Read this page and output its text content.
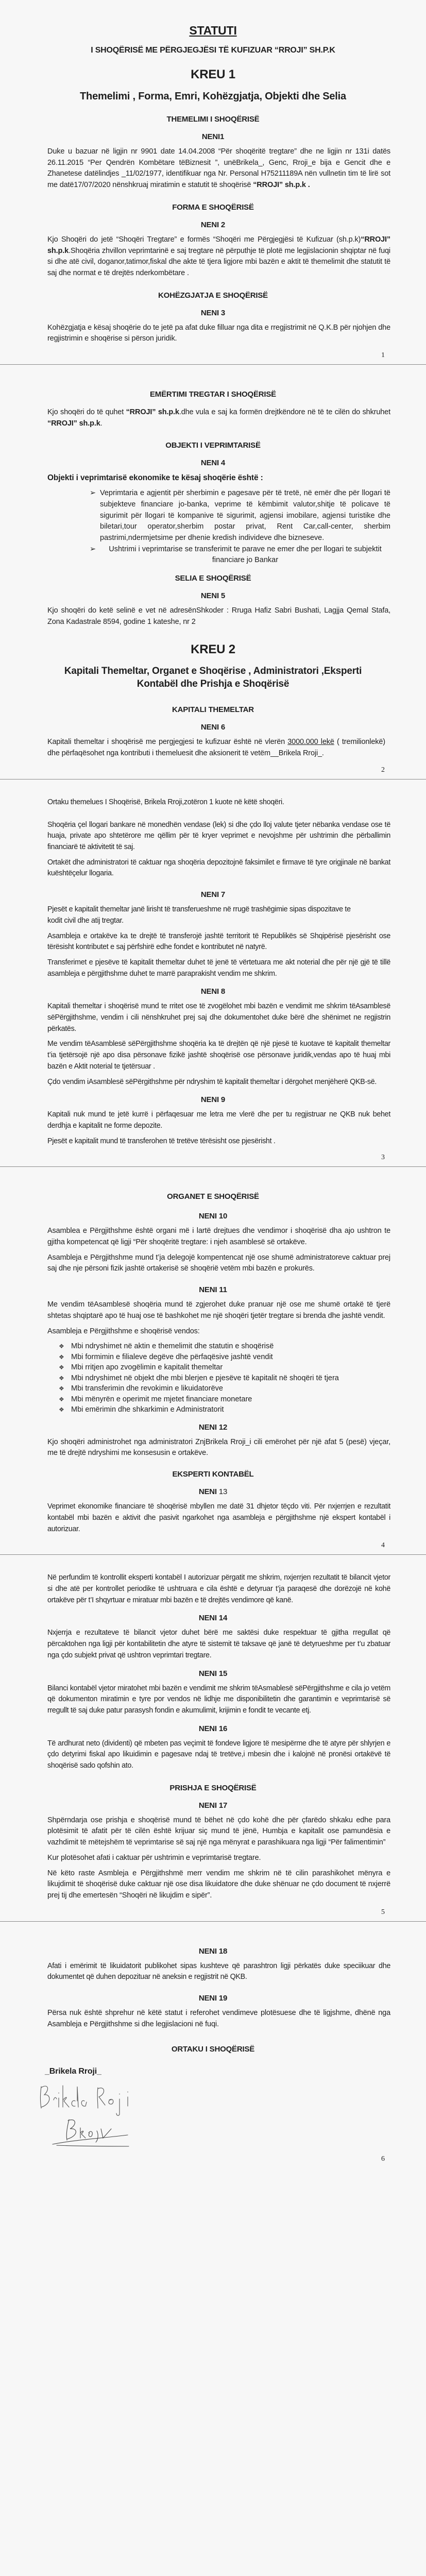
STATUTI
I SHOQËRISË ME PËRGJEGJËSI TË KUFIZUAR “RROJI” SH.P.K
KREU 1
Themelimi , Forma, Emri, Kohëzgjatja, Objekti dhe Selia
THEMELIMI I SHOQËRISË
NENI1
Duke u bazuar në ligjin nr 9901 date 14.04.2008 “Për shoqëritë tregtare” dhe ne ligjin nr 131i datës 26.11.2015 “Per Qendrën Kombëtare tëBiznesit ”, unëBrikela_, Genc, Rroji_e bija e Gencit dhe e Zhanetese datëlindjes _11/02/1977, identifikuar nga Nr. Personal H75211189A nën vullnetin tim të lirë sot me datë17/07/2020 nënshkruaj miratimin e statutit të shoqërisë “RROJI” sh.p.k .
FORMA E SHOQËRISË
NENI 2
Kjo Shoqëri do jetë “Shoqëri Tregtare” e formës “Shoqëri me Përgjegjësi të Kufizuar (sh.p.k)“RROJI” sh.p.k.Shoqëria zhvillon veprimtarinë e saj tregtare në përputhje të plotë me legjislacionin shqiptar në fuqi si dhe atë civil, doganor,tatimor,fiskal dhe akte të tjera ligjore mbi bazën e aktit të themelimit dhe statutit të saj dhe normat e të drejtës nderkombëtare .
KOHËZGJATJA E SHOQËRISË
NENI 3
Kohëzgjatja e kësaj shoqërie do te jetë pa afat duke filluar nga dita e rregjistrimit në Q.K.B për njohjen dhe regjistrimin e shoqërise si përson juridik.
1
EMËRTIMI TREGTAR I SHOQËRISË
Kjo shoqëri do të quhet “RROJI” sh.p.k.dhe vula e saj ka formën drejtkëndore në të te cilën do shkruhet “RROJI” sh.p.k.
OBJEKTI I VEPRIMTARISË
NENI 4
Objekti i veprimtarisë ekonomike te kësaj shoqërie është :
➢ Veprimtaria e agjentit për sherbimin e pagesave për të tretë, në emër dhe për llogari të subjekteve financiare jo-banka, veprime të këmbimit valutor,shitje të policave të sigurimit për llogari të kompanive të sigurimit, agjensi imobilare, agjensi turistike dhe biletari,tour operator,sherbim postar privat, Rent Car,call-center, sherbim pastrimi,ndermjetsime per dhenie kredish individeve dhe bizneseve.
➢ Ushtrimi i veprimtarise se transferimit te parave ne emer dhe per llogari te subjektit financiare jo Bankar
SELIA E SHOQËRISË
NENI 5
Kjo shoqëri do ketë selinë e vet në adresënShkoder : Rruga Hafiz Sabri Bushati, Lagjja Qemal Stafa, Zona Kadastrale 8594, godine 1 kateshe, nr 2
KREU 2
Kapitali Themeltar, Organet e Shoqërise , Administratori ,Eksperti Kontabël dhe Prishja e Shoqërisë
KAPITALI THEMELTAR
NENI 6
Kapitali themeltar i shoqërisë me pergjegjesi te kufizuar është në vlerën 3000.000 lekë ( tremilionlekë) dhe përfaqësohet nga kontributi i themeluesit dhe aksionerit të vetëm__Brikela Rroji_.
2
Ortaku themelues I Shoqërisë, Brikela Rroji,zotëron 1 kuote në këtë shoqëri.
Shoqëria çel llogari bankare në monedhën vendase (lek) si dhe çdo lloj valute tjeter nëbanka vendase ose të huaja, private apo shtetërore me qëllim për të kryer veprimet e nevojshme për ushtrimin dhe përballimin financiarë të aktivitetit të saj.
Ortakët dhe administratori të caktuar nga shoqëria depozitojnë faksimilet e firmave të tyre origjinale në bankat kuështëçelur llogaria.
NENI 7
Pjesët e kapitalit themeltar janë lirisht të transferueshme në rrugë trashëgimie sipas dispozitave te kodit civil dhe atij tregtar.
Asambleja e ortakëve ka te drejtë të transferojë jashtë territorit të Republikës së Shqipërisë pjesërisht ose tërësisht kontributet e saj përfshirë edhe fondet e kontributet në natyrë.
Transferimet e pjesëve të kapitalit themeltar duhet të jenë të vërtetuara me akt noterial dhe për një gjë të tillë asambleja e përgjithshme duhet te marrë paraprakisht vendim me shkrim.
NENI 8
Kapitali themeltar i shoqërisë mund te rritet ose të zvogëlohet mbi bazën e vendimit me shkrim tëAsamblesë sëPërgjithshme, vendim i cili nënshkruhet prej saj dhe dokumentohet duke bërë dhe shënimet ne regjistrin përkatës.
Me vendim tëAsamblesë sëPërgjithshme shoqëria ka të drejtën që një pjesë të kuotave të kapitalit themeltar t’ia tjetërsojë një apo disa përsonave fizikë jashtë shoqërisë ose përsonave juridik,vendas apo të huaj mbi bazën e Aktit noterial te tjetërsuar .
Çdo vendim iAsamblesë sëPërgithshme për ndryshim të kapitalit themeltar i dërgohet menjëherë QKB-së.
NENI 9
Kapitali nuk mund te jetë kurrë i përfaqesuar me letra me vlerë dhe per tu regjistruar ne QKB nuk behet derdhja e kapitalit ne forme depozite.
Pjesët e kapitalit mund të transferohen të tretëve tërësisht ose pjesërisht .
3
ORGANET E SHOQËRISË
NENI 10
Asamblea e Përgjithshme është organi më i lartë drejtues dhe vendimor i shoqërisë dha ajo ushtron te gjitha kompetencat që ligji “Për shoqëritë tregtare: i njeh asamblesë së ortakëve.
Asambleja e Përgjithshme mund t’ja delegojë kompentencat një ose shumë administratoreve caktuar prej saj dhe nje përsoni fizik jashtë ortakerisë së shoqërië vetëm mbi bazën e prokurës.
NENI 11
Me vendim tëAsamblesë shoqëria mund të zgjerohet duke pranuar një ose me shumë ortakë të tjerë shtetas shqiptarë apo të huaj ose të bashkohet me një shoqëri tjetër tregtare si brenda dhe jashtë vendit.
Asambleja e Përgjithshme e shoqërisë vendos:
❖ Mbi ndryshimet në aktin e themelimit dhe statutin e shoqërisë
❖ Mbi formimin e filialeve degëve dhe përfaqësive jashtë vendit
❖ Mbi rritjen apo zvogëlimin e kapitalit themeltar
❖ Mbi ndryshimet në objekt dhe mbi blerjen e pjesëve të kapitalit në shoqëri të tjera
❖ Mbi transferimin dhe revokimin e likuidatorëve
❖ Mbi mënyrën e operimit me mjetet financiare monetare
❖ Mbi emërimin dhe shkarkimin e Administratorit
NENI 12
Kjo shoqëri administrohet nga administratori ZnjBrikela Rroji_i cili emërohet për një afat 5 (pesë) vjeçar, me të drejtë ndryshimi me konsesusin e ortakëve.
EKSPERTI KONTABËL
NENI 13
Veprimet ekonomike financiare të shoqërisë mbyllen me datë 31 dhjetor tëçdo viti. Për nxjerrjen e rezultatit kontabël mbi bazën e aktivit dhe pasivit ngarkohet nga asambleja e përgjithshme një ekspert kontabël i autorizuar.
4
Në perfundim të kontrollit eksperti kontabël I autorizuar përgatit me shkrim, nxjerrjen rezultatit të bilancit vjetor si dhe atë per kontrollet periodike të ushtruara e cila është e detyruar t’ja paraqesë dhe dorëzojë në kohë ortakëve për t’I shqyrtuar e miratuar mbi bazën e të drejtës vendimore që kanë.
NENI 14
Nxjerrja e rezultateve të bilancit vjetor duhet bërë me saktësi duke respektuar të gjitha rregullat që përcaktohen nga ligji për kontabilitetin dhe atyre të sistemit të taksave që janë të detyrueshme per t’u zbatuar nga çdo subjekt privat që ushtron veprimtari tregtare.
NENI 15
Bilanci kontabël vjetor miratohet mbi bazën e vendimit me shkrim tëAsmablesë sëPërgjithshme e cila jo vetëm që dokumenton miratimin e tyre por vendos në lidhje me disponibilitetin dhe garantimin e veprimtarisë së rregullt të saj duke patur parasysh fondin e akumulimit, krijimin e fondit te vecante etj.
NENI 16
Të ardhurat neto (dividenti) që mbeten pas veçimit të fondeve ligjore të mesipërme dhe të atyre për shlyrjen e çdo detyrimi fiskal apo likuidimin e pagesave ndaj të tretëve,i mbesin dhe i kalojnë në pronësi ortakëvë të shoqërisë sado qofshin ato.
PRISHJA E SHOQËRISË
NENI 17
Shpërndarja ose prishja e shoqërisë mund të bëhet në çdo kohë dhe për çfarëdo shkaku edhe para plotësimit të afatit për të cilën është krijuar siç mund të jënë, Humbja e kapitalit ose pamundësia e vazhdimit të mëtejshëm të veprimtarise së saj një nga mënyrat e parashikuara nga ligji “Për falimentimin”
Kur plotësohet afati i caktuar për ushtrimin e veprimtarisë tregtare.
Në këto raste Asmbleja e Përgjithshmë merr vendim me shkrim në të cilin parashikohet mënyra e likujdimit të shoqërisë duke caktuar një ose disa likuidatore dhe duke shënuar ne çdo document të nxjerrë prej tij dhe emertesën “Shoqëri në likujdim e sipër”.
5
NENI 18
Afati i emërimit të likuidatorit publikohet sipas kushteve që parashtron ligji përkatës duke speciikuar dhe dokumentet që duhen depozituar në aneksin e regjistrit në QKB.
NENI 19
Përsa nuk është shprehur në këtë statut i referohet vendimeve plotësuese dhe të ligjshme, dhënë nga Asambleja e Përgjithshme si dhe legjislacioni në fuqi.
ORTAKU I SHOQËRISË
_Brikela Rroji_
6
